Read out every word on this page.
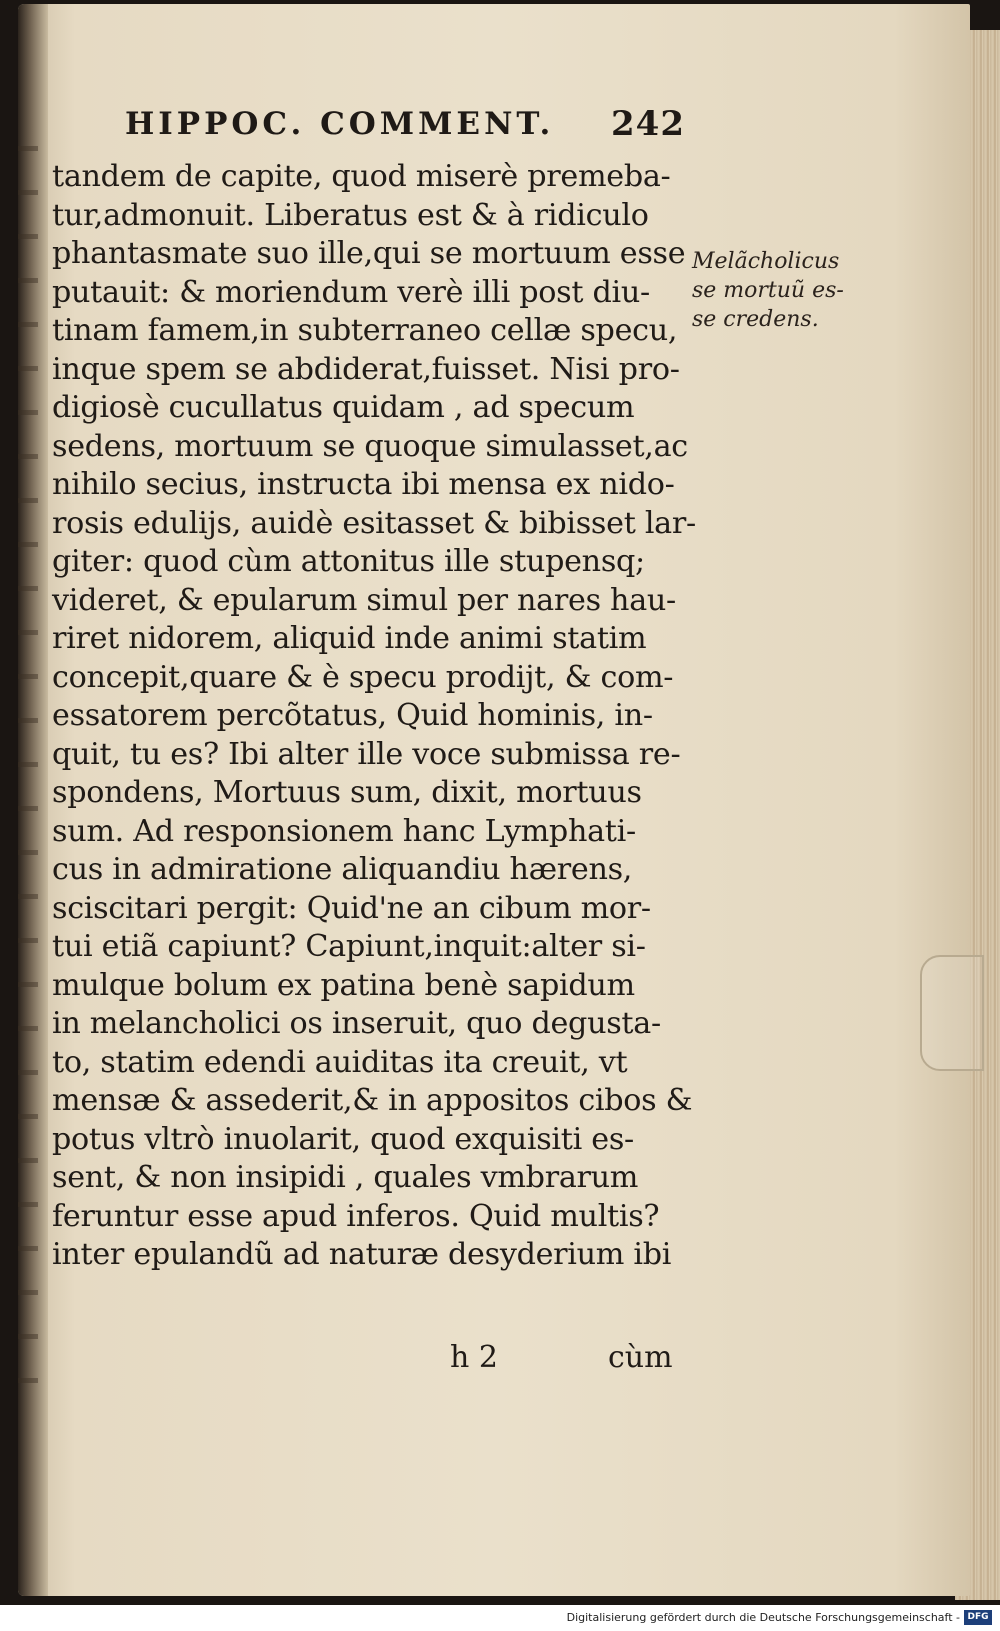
HIPPOC. COMMENT. 242
tandem de capite, quod miserè premeba-
tur,admonuit. Liberatus est & à ridiculo
phantasmate suo ille,qui se mortuum esse
putauit: & moriendum verè illi post diu-
tinam famem,in subterraneo cellæ specu,
inque spem se abdiderat,fuisset. Nisi pro-
digiosè cucullatus quidam , ad specum
sedens, mortuum se quoque simulasset,ac
nihilo secius, instructa ibi mensa ex nido-
rosis edulijs, auidè esitasset & bibisset lar-
giter: quod cùm attonitus ille stupensq;
videret, & epularum simul per nares hau-
riret nidorem, aliquid inde animi statim
concepit,quare & è specu prodijt, & com-
essatorem percõtatus, Quid hominis, in-
quit, tu es? Ibi alter ille voce submissa re-
spondens, Mortuus sum, dixit, mortuus
sum. Ad responsionem hanc Lymphati-
cus in admiratione aliquandiu hærens,
sciscitari pergit: Quid'ne an cibum mor-
tui etiã capiunt? Capiunt,inquit:alter si-
mulque bolum ex patina benè sapidum
in melancholici os inseruit, quo degusta-
to, statim edendi auiditas ita creuit, vt
mensæ & assederit,& in appositos cibos &
potus vltrò inuolarit, quod exquisiti es-
sent, & non insipidi , quales vmbrarum
feruntur esse apud inferos. Quid multis?
inter epulandũ ad naturæ desyderium ibi
Melãcholicus
se mortuũ es-
se credens.
h 2	cùm
Digitalisierung gefördert durch die Deutsche Forschungsgemeinschaft - DFG
